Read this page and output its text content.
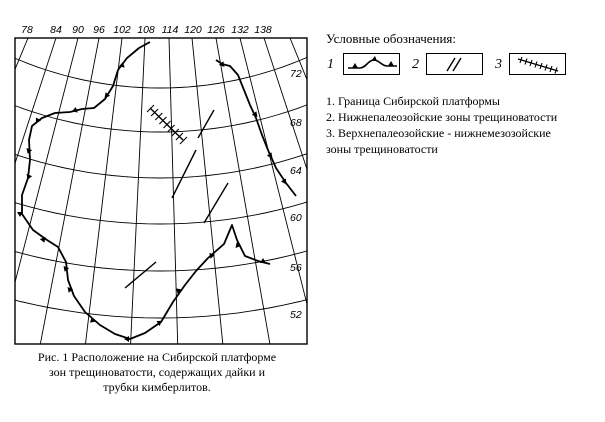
78 84 90 96 102 108 114 120 126 132 138
72
68
64
60
56
52
Условные обозначения:
1	2	3
1. Граница Сибирской платформы
2. Нижнепалеозойские зоны трещиноватости
3. Верхнепалеозойские - нижнемезозойские
зоны трещиноватости
Рис. 1 Расположение на Сибирской платформе
зон трещиноватости, содержащих дайки и
трубки кимберлитов.
